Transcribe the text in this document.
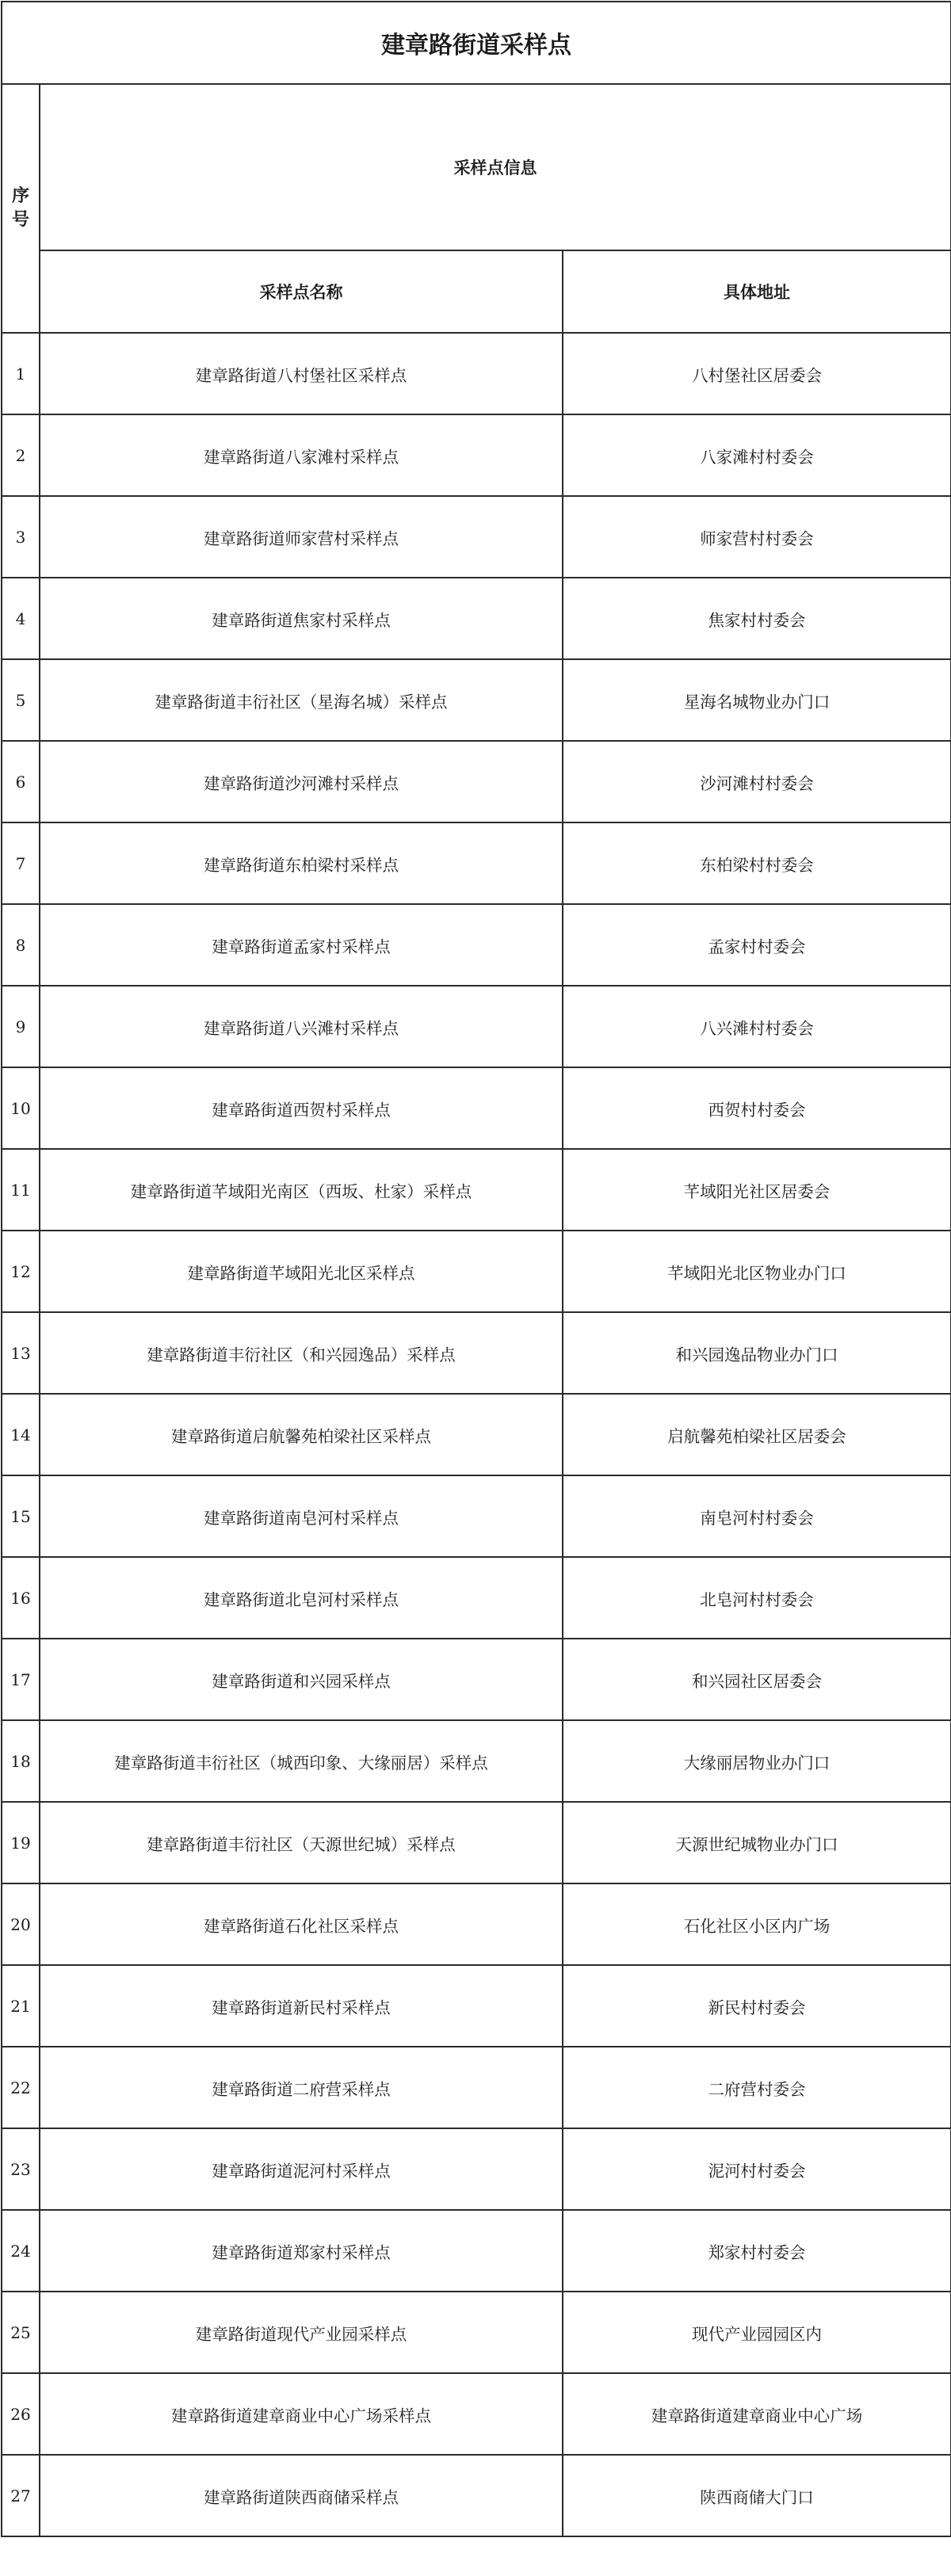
建章路街道采样点		
序号	采样点信息	
	采样点名称	具体地址
1	建章路街道八村堡社区采样点	八村堡社区居委会
2	建章路街道八家滩村采样点	八家滩村村委会
3	建章路街道师家营村采样点	师家营村村委会
4	建章路街道焦家村采样点	焦家村村委会
5	建章路街道丰衍社区（星海名城）采样点	星海名城物业办门口
6	建章路街道沙河滩村采样点	沙河滩村村委会
7	建章路街道东柏梁村采样点	东柏梁村村委会
8	建章路街道孟家村采样点	孟家村村委会
9	建章路街道八兴滩村采样点	八兴滩村村委会
10	建章路街道西贺村采样点	西贺村村委会
11	建章路街道芊域阳光南区（西坂、杜家）采样点	芊域阳光社区居委会
12	建章路街道芊域阳光北区采样点	芊域阳光北区物业办门口
13	建章路街道丰衍社区（和兴园逸品）采样点	和兴园逸品物业办门口
14	建章路街道启航馨苑柏梁社区采样点	启航馨苑柏梁社区居委会
15	建章路街道南皂河村采样点	南皂河村村委会
16	建章路街道北皂河村采样点	北皂河村村委会
17	建章路街道和兴园采样点	和兴园社区居委会
18	建章路街道丰衍社区（城西印象、大缘丽居）采样点	大缘丽居物业办门口
19	建章路街道丰衍社区（天源世纪城）采样点	天源世纪城物业办门口
20	建章路街道石化社区采样点	石化社区小区内广场
21	建章路街道新民村采样点	新民村村委会
22	建章路街道二府营采样点	二府营村委会
23	建章路街道泥河村采样点	泥河村村委会
24	建章路街道郑家村采样点	郑家村村委会
25	建章路街道现代产业园采样点	现代产业园园区内
26	建章路街道建章商业中心广场采样点	建章路街道建章商业中心广场
27	建章路街道陕西商储采样点	陕西商储大门口
